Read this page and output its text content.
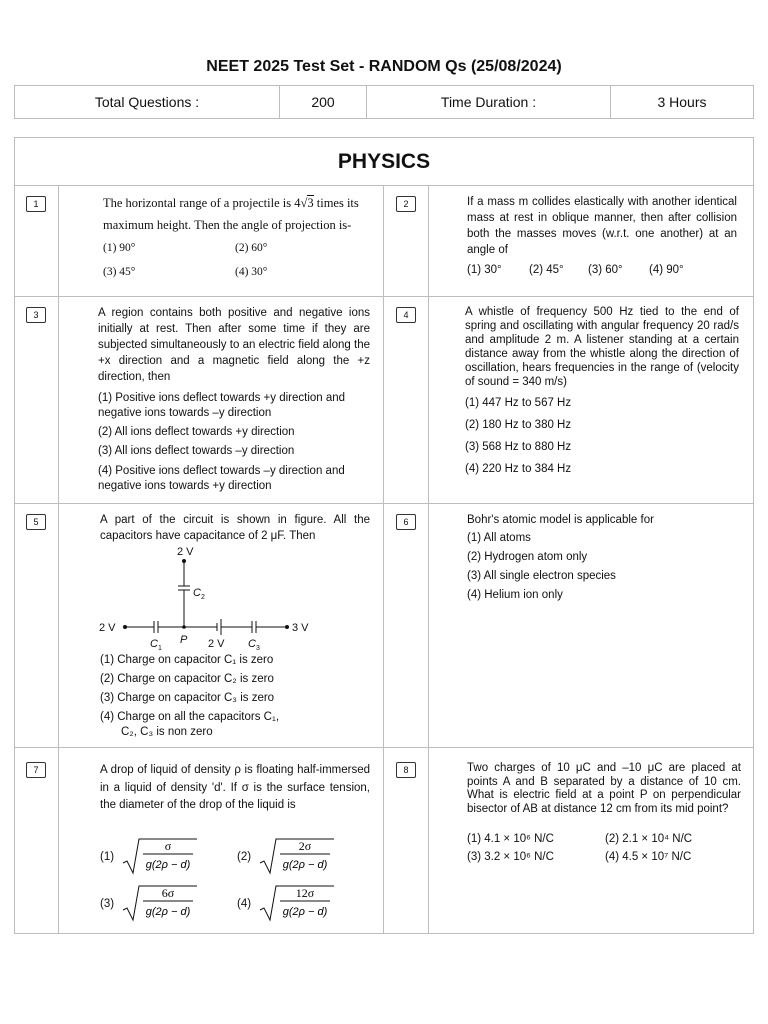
NEET 2025 Test Set - RANDOM Qs (25/08/2024)
Total Questions :	200	Time Duration :	3 Hours
PHYSICS
1	The horizontal range of a projectile is 4√3 times its maximum height. Then the angle of projection is-
(1) 90°	(2) 60°
(3) 45°	(4) 30°
2	If a mass m collides elastically with another identical mass at rest in oblique manner, then after collision both the masses moves (w.r.t. one another) at an angle of
(1) 30° (2) 45° (3) 60° (4) 90°
3	A region contains both positive and negative ions initially at rest. Then after some time if they are subjected simultaneously to an electric field along the +x direction and a magnetic field along the +z direction, then
(1) Positive ions deflect towards +y direction and negative ions towards –y direction
(2) All ions deflect towards +y direction
(3) All ions deflect towards –y direction
(4) Positive ions deflect towards –y direction and negative ions towards +y direction
4	A whistle of frequency 500 Hz tied to the end of spring and oscillating with angular frequency 20 rad/s and amplitude 2 m. A listener standing at a certain distance away from the whistle along the direction of oscillation, hears frequencies in the range of (velocity of sound = 340 m/s)
(1) 447 Hz to 567 Hz
(2) 180 Hz to 380 Hz
(3) 568 Hz to 880 Hz
(4) 220 Hz to 384 Hz
5	A part of the circuit is shown in figure. All the capacitors have capacitance of 2 μF. Then
2 V
2 V	3 V
2 V
P
C 1
C 2
C 3
(1) Charge on capacitor C₁ is zero
(2) Charge on capacitor C₂ is zero
(3) Charge on capacitor C₃ is zero
(4) Charge on all the capacitors C₁,
C₂, C₃ is non zero
6	Bohr's atomic model is applicable for
(1) All atoms
(2) Hydrogen atom only
(3) All single electron species
(4) Helium ion only
7	A drop of liquid of density ρ is floating half-immersed in a liquid of density 'd'. If σ is the surface tension, the diameter of the drop of the liquid is
(1)
σ
g(2ρ − d)
(2)
2σ
g(2ρ − d)
(3)
6σ
g(2ρ − d)
(4)
12σ
g(2ρ − d)
8	Two charges of 10 μC and –10 μC are placed at points A and B separated by a distance of 10 cm. What is electric field at a point P on perpendicular bisector of AB at distance 12 cm from its mid point?
(1) 4.1 × 10⁶ N/C	(2) 2.1 × 10⁴ N/C
(3) 3.2 × 10⁶ N/C	(4) 4.5 × 10⁷ N/C
